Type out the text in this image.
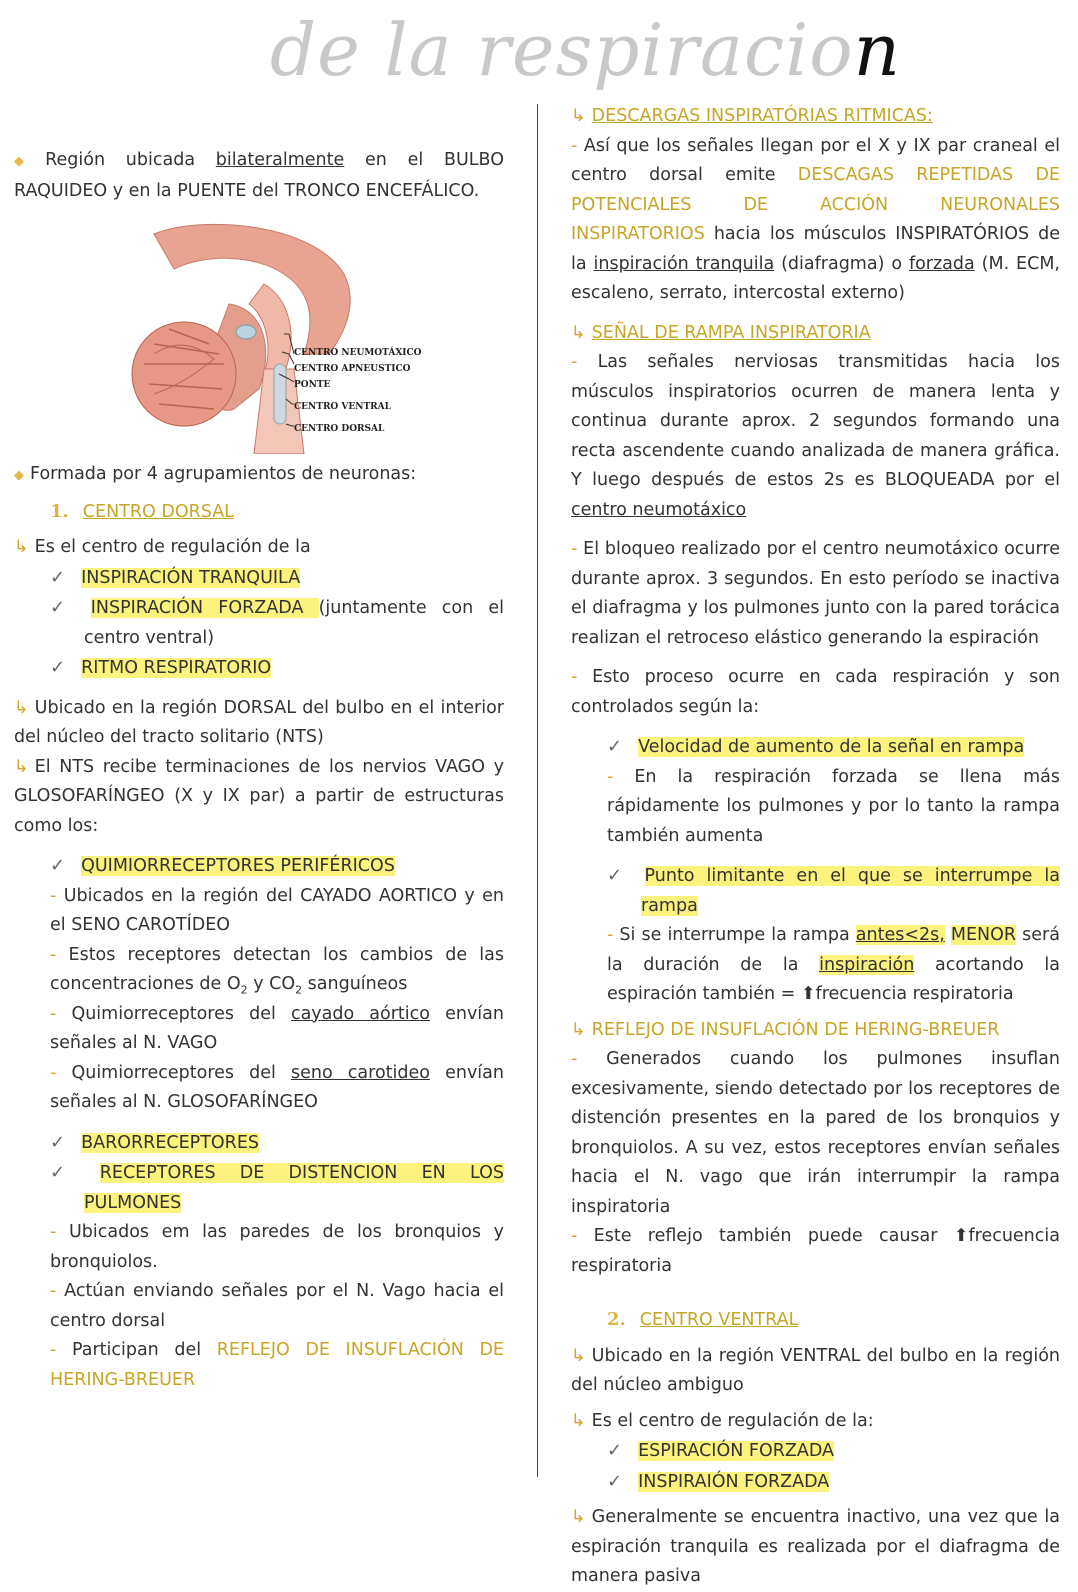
de la respiracion

◆ Región ubicada bilateralmente en el BULBO RAQUIDEO y en la PUENTE del TRONCO ENCEFÁLICO.

CENTRO NEUMOTÁXICO
CENTRO APNEUSTICO
PONTE
CENTRO VENTRAL
CENTRO DORSAL

◆ Formada por 4 agrupamientos de neuronas:

1. CENTRO DORSAL

↳ Es el centro de regulación de la

✓ INSPIRACIÓN TRANQUILA

✓ INSPIRACIÓN FORZADA (juntamente con el centro ventral)

✓ RITMO RESPIRATORIO

↳ Ubicado en la región DORSAL del bulbo en el interior del núcleo del tracto solitario (NTS)

↳ El NTS recibe terminaciones de los nervios VAGO y GLOSOFARÍNGEO (X y IX par) a partir de estructuras como los:

✓ QUIMIORRECEPTORES PERIFÉRICOS

- Ubicados en la región del CAYADO AORTICO y en el SENO CAROTÍDEO

- Estos receptores detectan los cambios de las concentraciones de $O_2$ y $CO_2$ sanguíneos

- Quimiorreceptores del cayado aórtico envían señales al N. VAGO

- Quimiorreceptores del seno carotideo envían señales al N. GLOSOFARÍNGEO

✓ BARORRECEPTORES

✓ RECEPTORES DE DISTENCION EN LOS PULMONES

- Ubicados em las paredes de los bronquios y bronquiolos.

- Actúan enviando señales por el N. Vago hacia el centro dorsal

- Participan del REFLEJO DE INSUFLACIÓN DE HERING-BREUER

↳ DESCARGAS INSPIRATÓRIAS RITMICAS:

- Así que los señales llegan por el X y IX par craneal el centro dorsal emite DESCAGAS REPETIDAS DE POTENCIALES DE ACCIÓN NEURONALES INSPIRATORIOS hacia los músculos INSPIRATÓRIOS de la inspiración tranquila (diafragma) o forzada (M. ECM, escaleno, serrato, intercostal externo)

↳ SEÑAL DE RAMPA INSPIRATORIA

- Las señales nerviosas transmitidas hacia los músculos inspiratorios ocurren de manera lenta y continua durante aprox. 2 segundos formando una recta ascendente cuando analizada de manera gráfica. Y luego después de estos 2s es BLOQUEADA por el centro neumotáxico

- El bloqueo realizado por el centro neumotáxico ocurre durante aprox. 3 segundos. En esto período se inactiva el diafragma y los pulmones junto con la pared torácica realizan el retroceso elástico generando la espiración

- Esto proceso ocurre en cada respiración y son controlados según la:

✓ Velocidad de aumento de la señal en rampa

- En la respiración forzada se llena más rápidamente los pulmones y por lo tanto la rampa también aumenta

✓ Punto limitante en el que se interrumpe la rampa

- Si se interrumpe la rampa antes<2s, MENOR será la duración de la inspiración acortando la espiración también = ⬆frecuencia respiratoria

↳ REFLEJO DE INSUFLACIÓN DE HERING-BREUER

- Generados cuando los pulmones insuflan excesivamente, siendo detectado por los receptores de distención presentes en la pared de los bronquios y bronquiolos. A su vez, estos receptores envían señales hacia el N. vago que irán interrumpir la rampa inspiratoria

- Este reflejo también puede causar ⬆frecuencia respiratoria

2. CENTRO VENTRAL

↳ Ubicado en la región VENTRAL del bulbo en la región del núcleo ambiguo

↳ Es el centro de regulación de la:

✓ ESPIRACIÓN FORZADA

✓ INSPIRAIÓN FORZADA

↳ Generalmente se encuentra inactivo, una vez que la espiración tranquila es realizada por el diafragma de manera pasiva
